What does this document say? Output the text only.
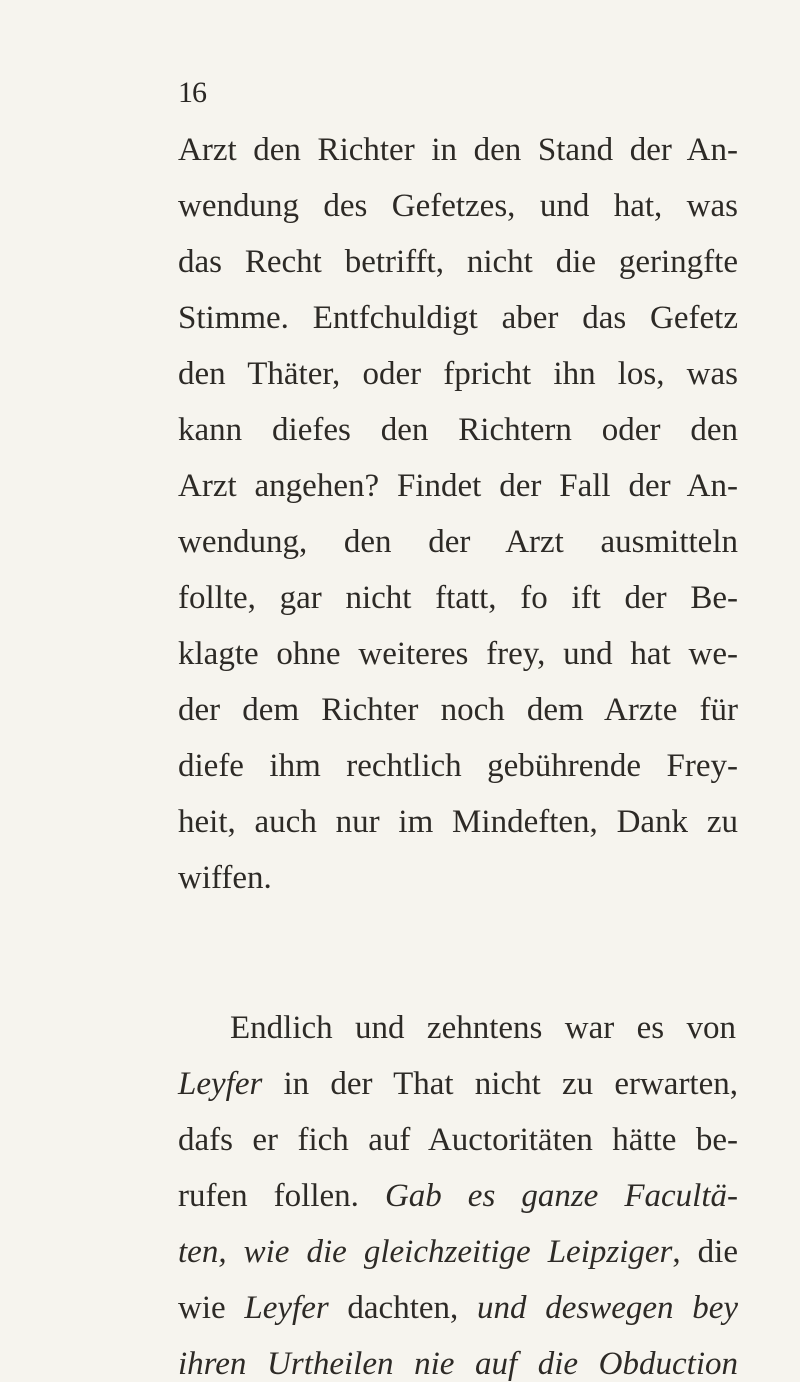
16
Arzt den Richter in den Stand der An-
wendung des Gefetzes, und hat, was
das Recht betrifft, nicht die geringfte
Stimme. Entfchuldigt aber das Gefetz
den Thäter, oder fpricht ihn los, was
kann diefes den Richtern oder den
Arzt angehen? Findet der Fall der An-
wendung, den der Arzt ausmitteln
follte, gar nicht ftatt, fo ift der Be-
klagte ohne weiteres frey, und hat we-
der dem Richter noch dem Arzte für
diefe ihm rechtlich gebührende Frey-
heit, auch nur im Mindeften, Dank zu
wiffen.
Endlich und zehntens war es von
Leyfer in der That nicht zu erwarten,
dafs er fich auf Auctoritäten hätte be-
rufen follen. Gab es ganze Facultä-
ten, wie die gleichzeitige Leipziger, die
wie Leyfer dachten, und deswegen bey
ihren Urtheilen nie auf die Obduction
